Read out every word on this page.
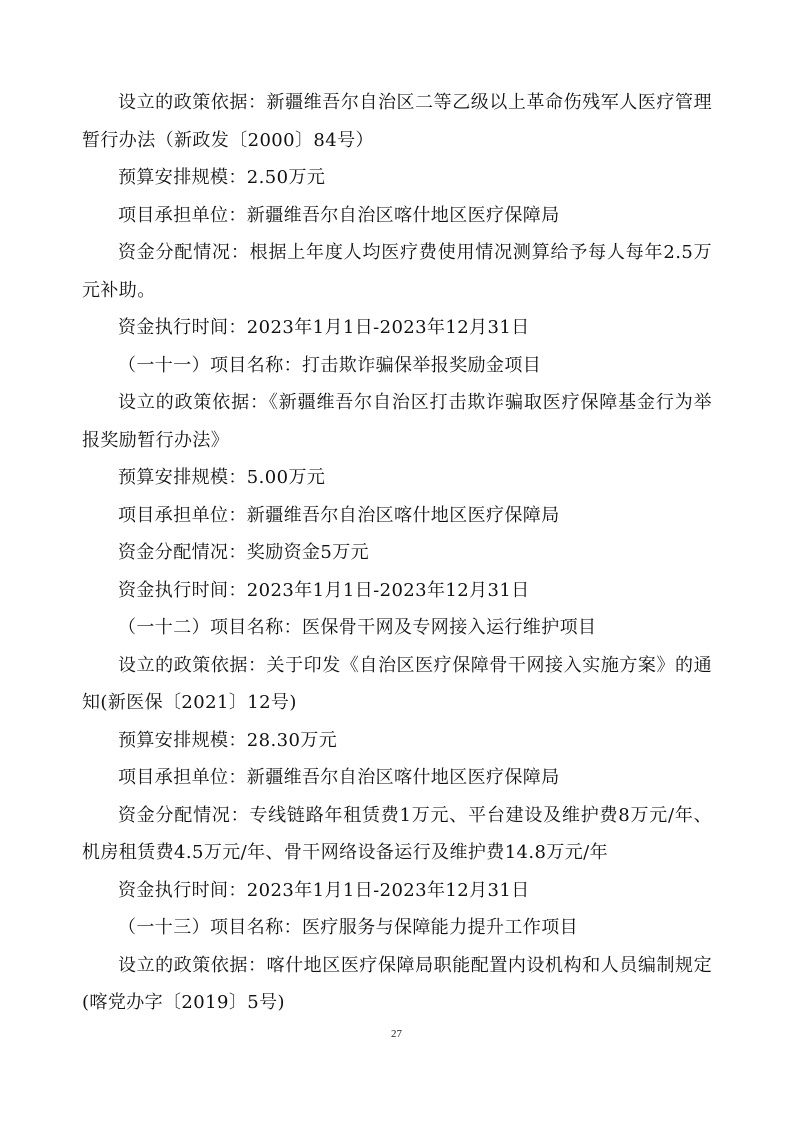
设立的政策依据：新疆维吾尔自治区二等乙级以上革命伤残军人医疗管理暂行办法（新政发〔2000〕84号）

预算安排规模：2.50万元

项目承担单位：新疆维吾尔自治区喀什地区医疗保障局

资金分配情况：根据上年度人均医疗费使用情况测算给予每人每年2.5万元补助。

资金执行时间：2023年1月1日-2023年12月31日

（一十一）项目名称：打击欺诈骗保举报奖励金项目

设立的政策依据：《新疆维吾尔自治区打击欺诈骗取医疗保障基金行为举报奖励暂行办法》

预算安排规模：5.00万元

项目承担单位：新疆维吾尔自治区喀什地区医疗保障局

资金分配情况：奖励资金5万元

资金执行时间：2023年1月1日-2023年12月31日

（一十二）项目名称：医保骨干网及专网接入运行维护项目

设立的政策依据：关于印发《自治区医疗保障骨干网接入实施方案》的通知(新医保〔2021〕12号)

预算安排规模：28.30万元

项目承担单位：新疆维吾尔自治区喀什地区医疗保障局

资金分配情况：专线链路年租赁费1万元、平台建设及维护费8万元/年、机房租赁费4.5万元/年、骨干网络设备运行及维护费14.8万元/年

资金执行时间：2023年1月1日-2023年12月31日

（一十三）项目名称：医疗服务与保障能力提升工作项目

设立的政策依据：喀什地区医疗保障局职能配置内设机构和人员编制规定(喀党办字〔2019〕5号)

27
